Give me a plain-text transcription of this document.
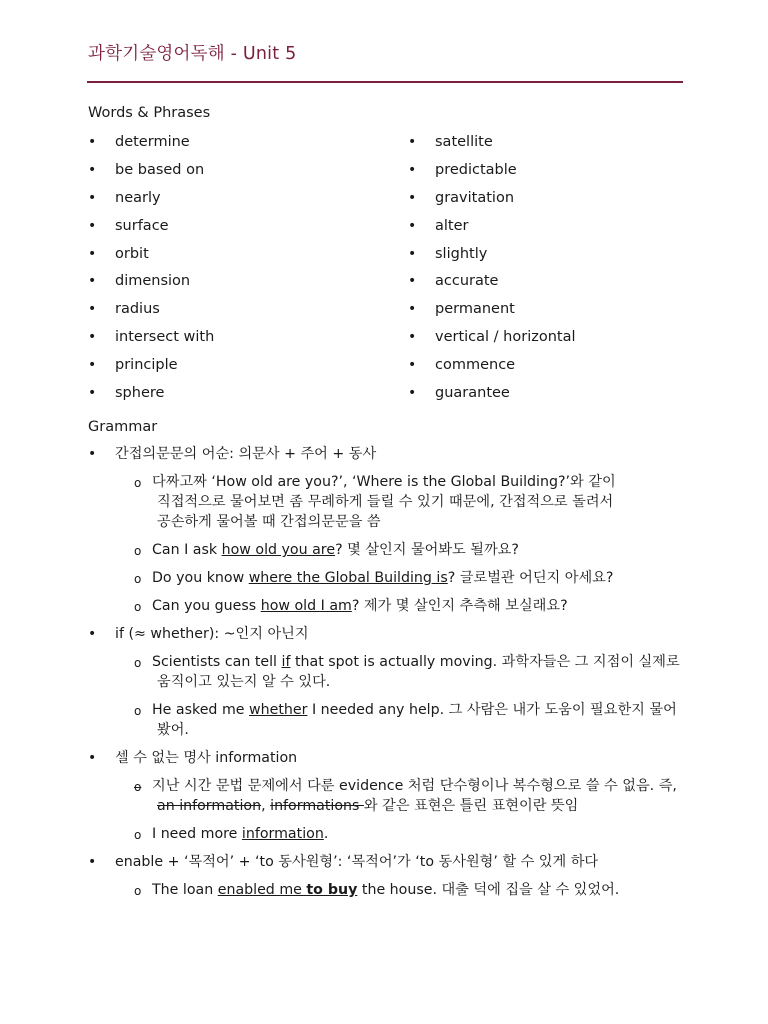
과학기술영어독해 - Unit 5
Words & Phrases
• determine
• be based on
• nearly
• surface
• orbit
• dimension
• radius
• intersect with
• principle
• sphere
• satellite
• predictable
• gravitation
• alter
• slightly
• accurate
• permanent
• vertical / horizontal
• commence
• guarantee
Grammar
• 간접의문문의 어순: 의문사 + 주어 + 동사
o 다짜고짜 ‘How old are you?’, ‘Where is the Global Building?’와 같이
직접적으로 물어보면 좀 무례하게 들릴 수 있기 때문에, 간접적으로 돌려서
공손하게 물어볼 때 간접의문문을 씀
o Can I ask how old you are? 몇 살인지 물어봐도 될까요?
o Do you know where the Global Building is? 글로벌관 어딘지 아세요?
o Can you guess how old I am? 제가 몇 살인지 추측해 보실래요?
• if (≈ whether): ~인지 아닌지
o Scientists can tell if that spot is actually moving. 과학자들은 그 지점이 실제로
움직이고 있는지 알 수 있다.
o He asked me whether I needed any help. 그 사람은 내가 도움이 필요한지 물어
봤어.
• 셀 수 없는 명사 information
o 지난 시간 문법 문제에서 다룬 evidence 처럼 단수형이나 복수형으로 쓸 수 없음. 즉,
an information, informations 와 같은 표현은 틀린 표현이란 뜻임
o I need more information.
• enable + ‘목적어’ + ‘to 동사원형’: ‘목적어’가 ‘to 동사원형’ 할 수 있게 하다
o The loan enabled me to buy the house. 대출 덕에 집을 살 수 있었어.
